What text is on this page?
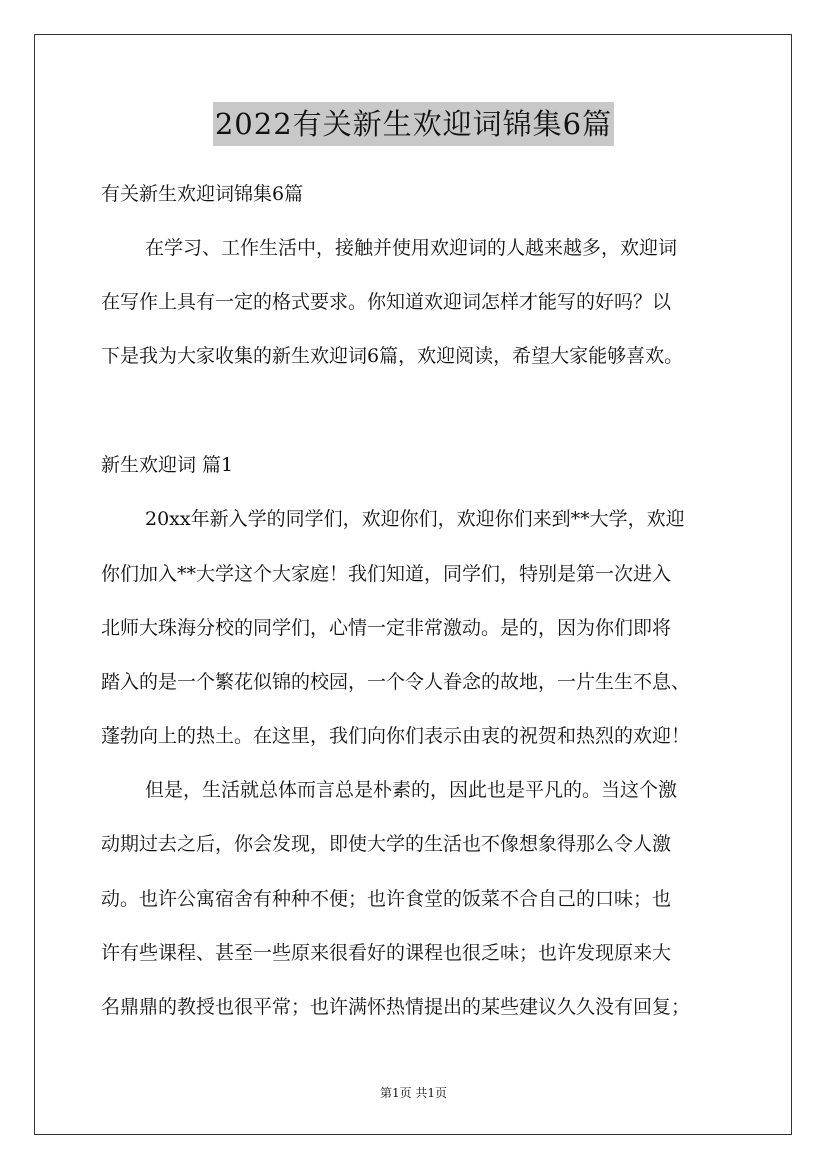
2022有关新生欢迎词锦集6篇
有关新生欢迎词锦集6篇
在学习、工作生活中，接触并使用欢迎词的人越来越多，欢迎词
在写作上具有一定的格式要求。你知道欢迎词怎样才能写的好吗？以
下是我为大家收集的新生欢迎词6篇，欢迎阅读，希望大家能够喜欢。
新生欢迎词 篇1
20xx年新入学的同学们，欢迎你们，欢迎你们来到**大学，欢迎
你们加入**大学这个大家庭！我们知道，同学们，特别是第一次进入
北师大珠海分校的同学们，心情一定非常激动。是的，因为你们即将
踏入的是一个繁花似锦的校园，一个令人眷念的故地，一片生生不息、
蓬勃向上的热土。在这里，我们向你们表示由衷的祝贺和热烈的欢迎！
但是，生活就总体而言总是朴素的，因此也是平凡的。当这个激
动期过去之后，你会发现，即使大学的生活也不像想象得那么令人激
动。也许公寓宿舍有种种不便；也许食堂的饭菜不合自己的口味；也
许有些课程、甚至一些原来很看好的课程也很乏味；也许发现原来大
名鼎鼎的教授也很平常；也许满怀热情提出的某些建议久久没有回复；
第1页 共1页
